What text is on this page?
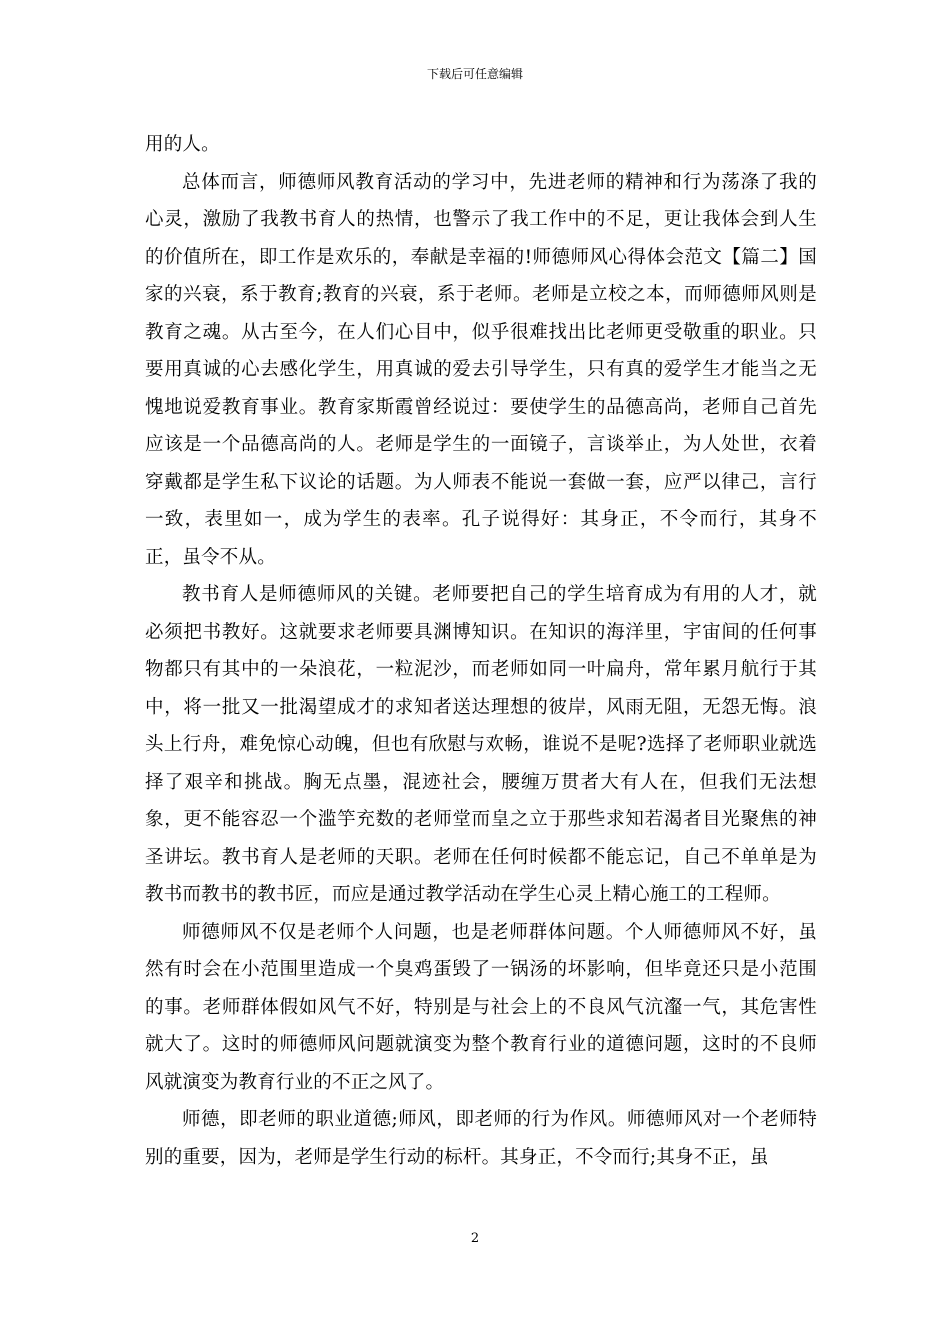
下载后可任意编辑

用的人。

总体而言，师德师风教育活动的学习中，先进老师的精神和行为荡涤了我的心灵，激励了我教书育人的热情，也警示了我工作中的不足，更让我体会到人生的价值所在，即工作是欢乐的，奉献是幸福的!师德师风心得体会范文【篇二】国家的兴衰，系于教育;教育的兴衰，系于老师。老师是立校之本，而师德师风则是教育之魂。从古至今，在人们心目中，似乎很难找出比老师更受敬重的职业。只要用真诚的心去感化学生，用真诚的爱去引导学生，只有真的爱学生才能当之无愧地说爱教育事业。教育家斯霞曾经说过：要使学生的品德高尚，老师自己首先应该是一个品德高尚的人。老师是学生的一面镜子，言谈举止，为人处世，衣着穿戴都是学生私下议论的话题。为人师表不能说一套做一套，应严以律己，言行一致，表里如一，成为学生的表率。孔子说得好：其身正，不令而行，其身不正，虽令不从。

教书育人是师德师风的关键。老师要把自己的学生培育成为有用的人才，就必须把书教好。这就要求老师要具渊博知识。在知识的海洋里，宇宙间的任何事物都只有其中的一朵浪花，一粒泥沙，而老师如同一叶扁舟，常年累月航行于其中，将一批又一批渴望成才的求知者送达理想的彼岸，风雨无阻，无怨无悔。浪头上行舟，难免惊心动魄，但也有欣慰与欢畅，谁说不是呢?选择了老师职业就选择了艰辛和挑战。胸无点墨，混迹社会，腰缠万贯者大有人在，但我们无法想象，更不能容忍一个滥竽充数的老师堂而皇之立于那些求知若渴者目光聚焦的神圣讲坛。教书育人是老师的天职。老师在任何时候都不能忘记，自己不单单是为教书而教书的教书匠，而应是通过教学活动在学生心灵上精心施工的工程师。

师德师风不仅是老师个人问题，也是老师群体问题。个人师德师风不好，虽然有时会在小范围里造成一个臭鸡蛋毁了一锅汤的坏影响，但毕竟还只是小范围的事。老师群体假如风气不好，特别是与社会上的不良风气沆瀣一气，其危害性就大了。这时的师德师风问题就演变为整个教育行业的道德问题，这时的不良师风就演变为教育行业的不正之风了。

师德，即老师的职业道德;师风，即老师的行为作风。师德师风对一个老师特别的重要，因为，老师是学生行动的标杆。其身正，不令而行;其身不正，虽

2
